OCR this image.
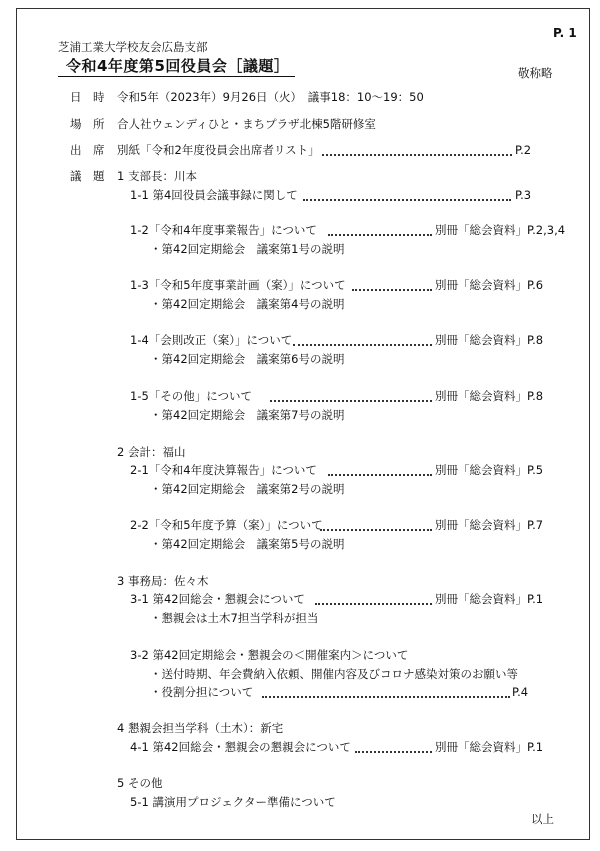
P. 1
芝浦工業大学校友会広島支部
令和4年度第5回役員会［議題］	敬称略
日　時 令和5年（2023年）9月26日（火）　議事18：10～19：50
場　所 合人社ウェンディひと・まちプラザ北棟5階研修室
出　席 別紙「令和2年度役員会出席者リスト」	P.2
議　題 1 支部長：川本
1-1 第4回役員会議事録に関して	P.3
1-2「令和4年度事業報告」について	別冊「総会資料」P.2,3,4
・第42回定期総会　議案第1号の説明
1-3「令和5年度事業計画（案）」について	別冊「総会資料」P.6
・第42回定期総会　議案第4号の説明
1-4「会則改正（案）」について	別冊「総会資料」P.8
・第42回定期総会　議案第6号の説明
1-5「その他」について	別冊「総会資料」P.8
・第42回定期総会　議案第7号の説明
2 会計：福山
2-1「令和4年度決算報告」について	別冊「総会資料」P.5
・第42回定期総会　議案第2号の説明
2-2「令和5年度予算（案）」について	別冊「総会資料」P.7
・第42回定期総会　議案第5号の説明
3 事務局：佐々木
3-1 第42回総会・懇親会について	別冊「総会資料」P.1
・懇親会は土木7担当学科が担当
3-2 第42回定期総会・懇親会の＜開催案内＞について
・送付時期、年会費納入依頼、開催内容及びコロナ感染対策のお願い等
・役割分担について	P.4
4 懇親会担当学科（土木）：新宅
4-1 第42回総会・懇親会の懇親会について	別冊「総会資料」P.1
5 その他
5-1 講演用プロジェクター準備について
以上
